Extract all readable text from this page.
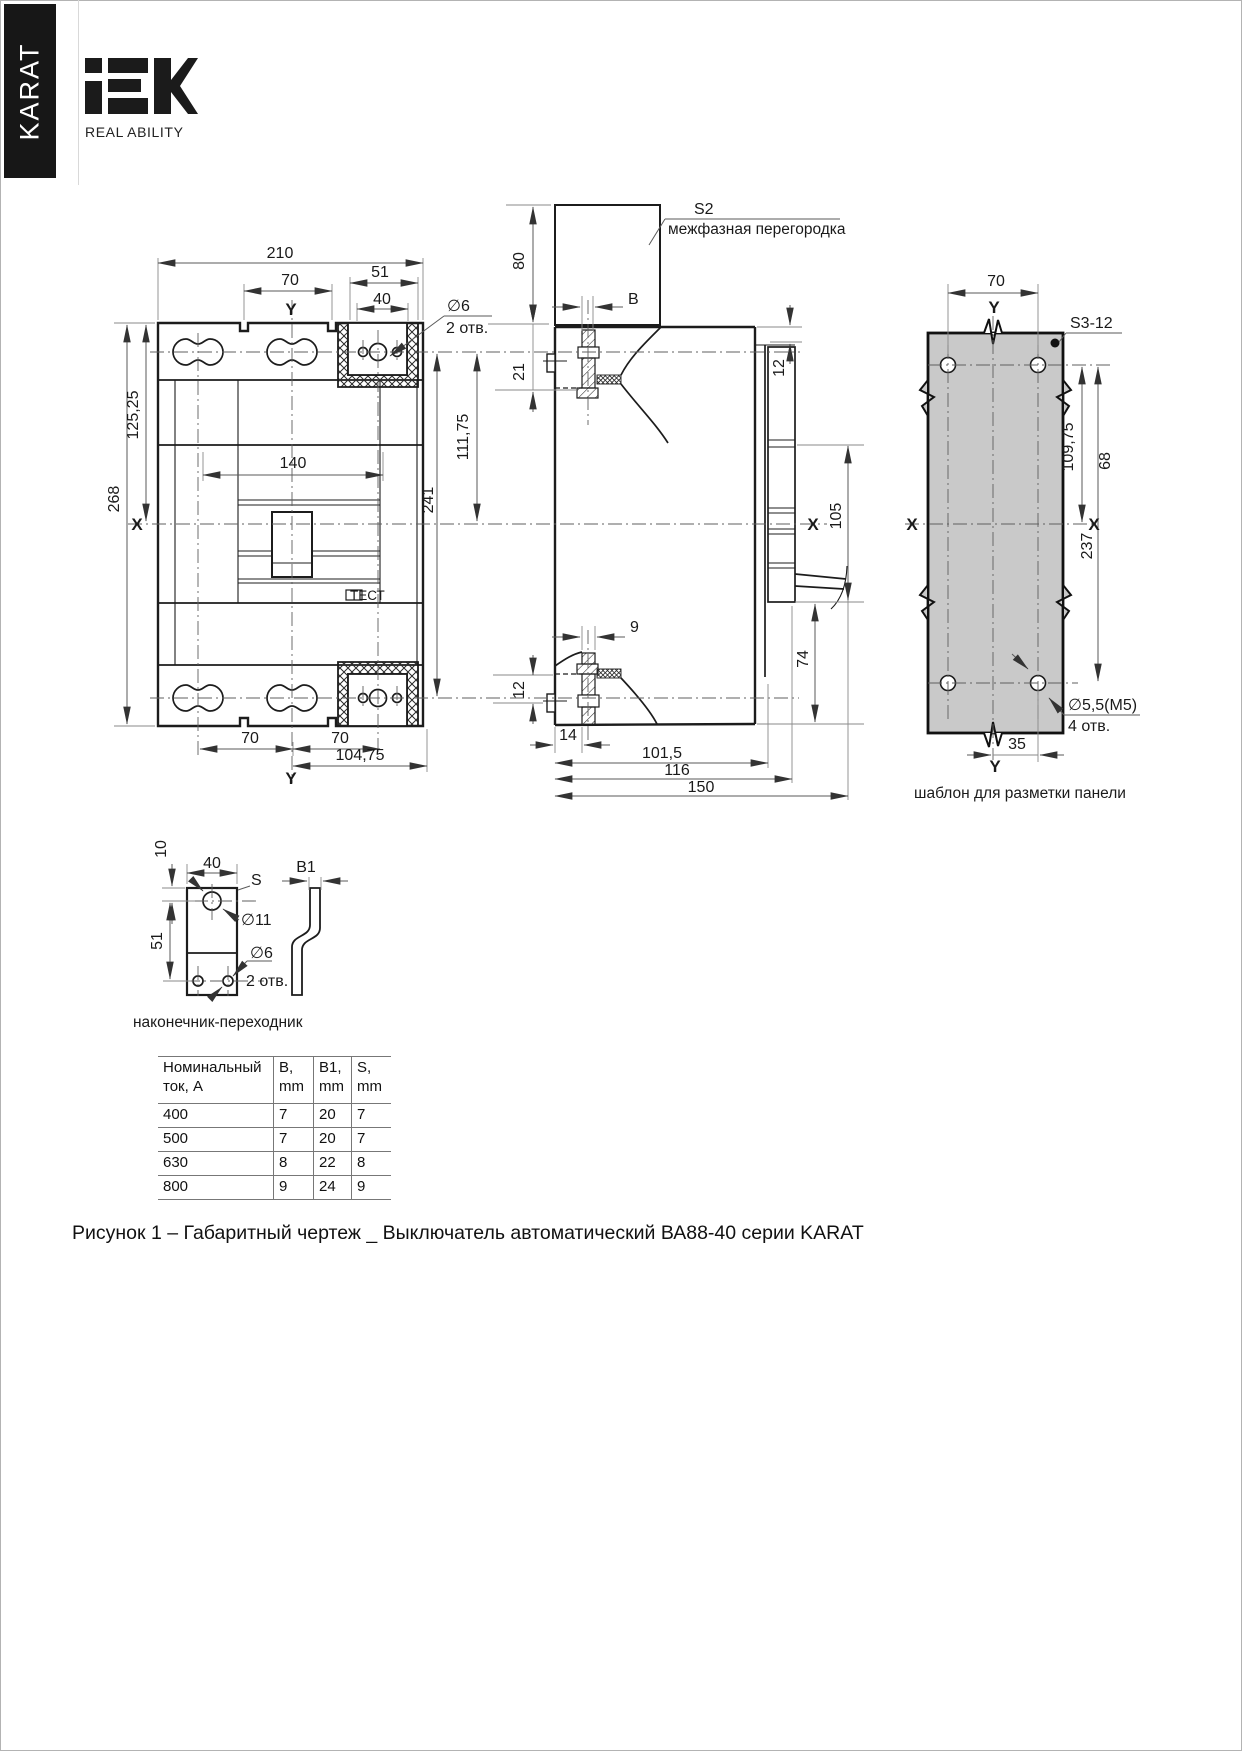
KARAT	REAL ABILITY
ТЕСТ
210
70	51
40
Y	∅6
2 отв.
125,25
268
X
140
241
111,75
70	70
104,75
Y
S2
межфазная перегородка
80
B
21	12
9
12
14
101,5
116
150
74
105
X
70
Y
S3-12
109,75 68
237
∅5,5(M5)
4 отв.
35
Y
X	X
шаблон для разметки панели
10
40
S
∅11
∅6
2 отв.
51
B1
наконечник-переходник
Номинальный ток, А	B, mm	B1, mm	S, mm
400	7	20	7
500	7	20	7
630	8	22	8
800	9	24	9
Рисунок 1 – Габаритный чертеж _ Выключатель автоматический ВА88-40 серии KARAT
